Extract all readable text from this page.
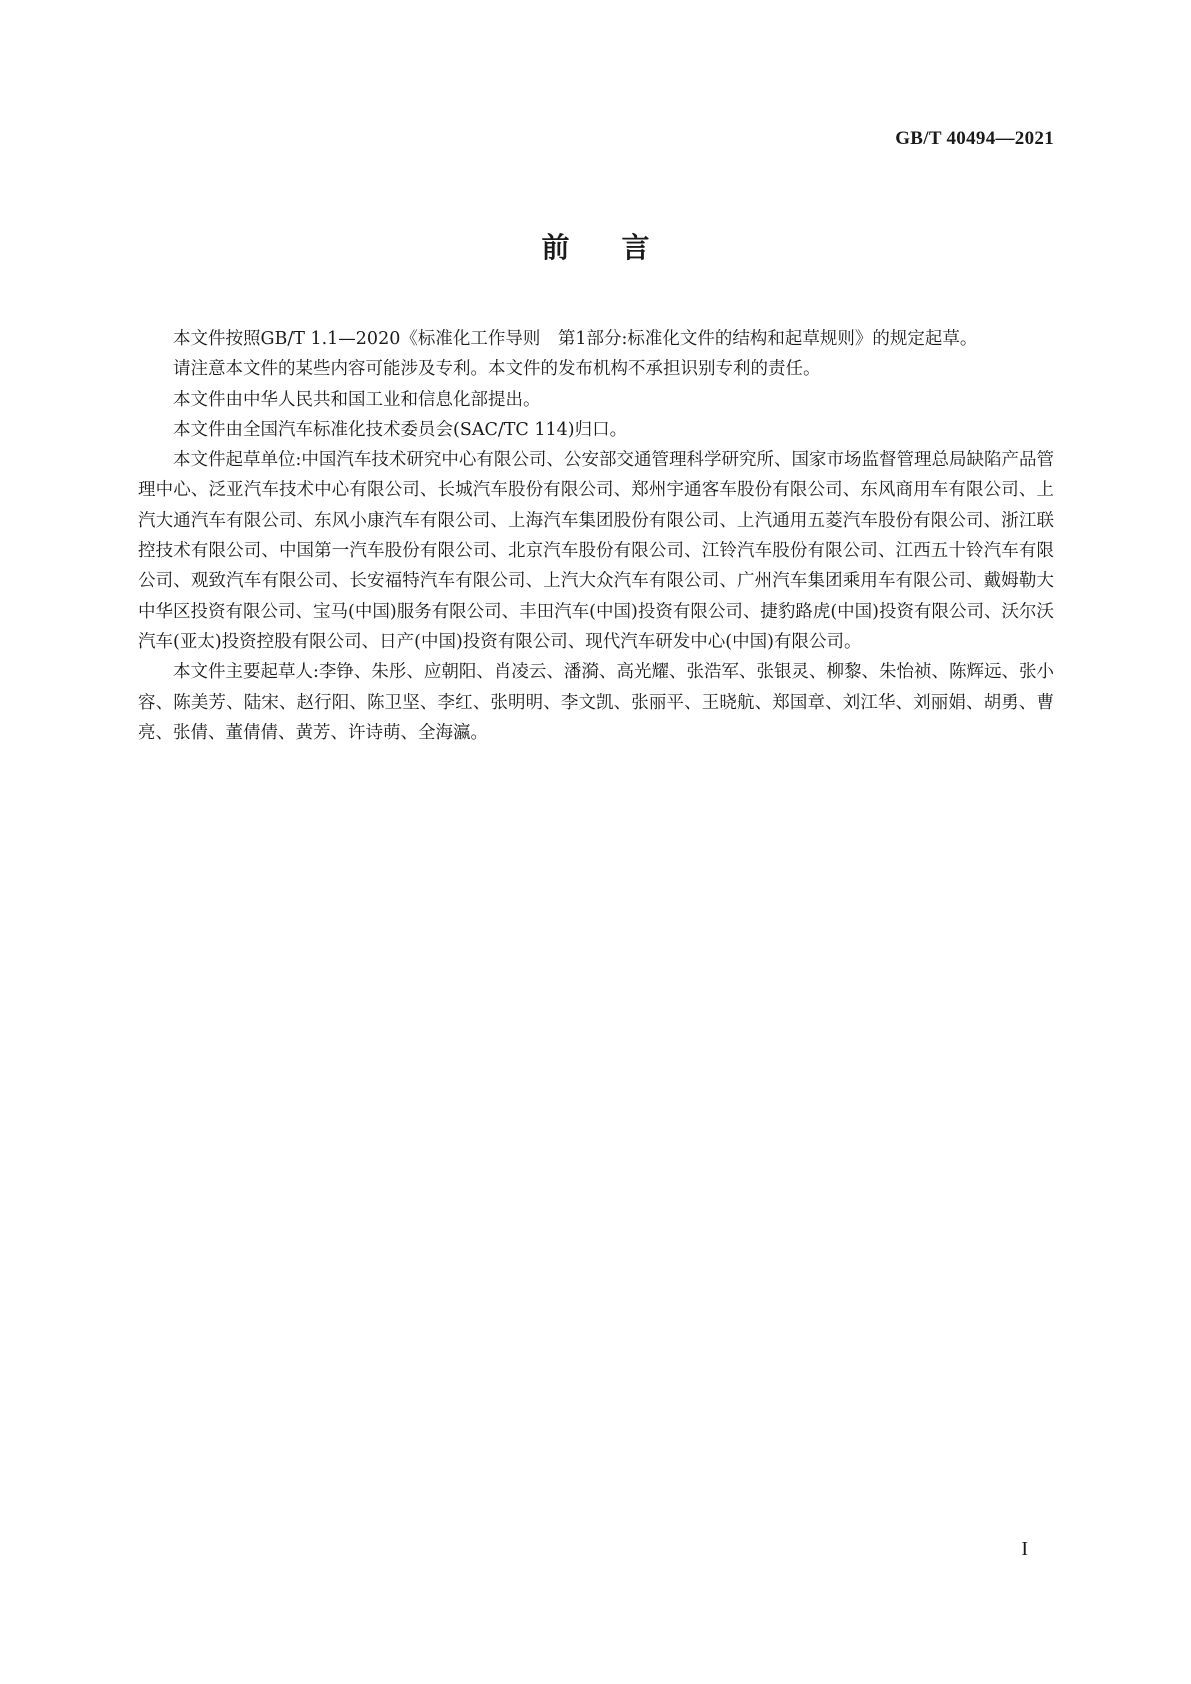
GB/T 40494—2021
前 言

本文件按照GB/T 1.1—2020《标准化工作导则　第1部分:标准化文件的结构和起草规则》的规定起草。

请注意本文件的某些内容可能涉及专利。本文件的发布机构不承担识别专利的责任。

本文件由中华人民共和国工业和信息化部提出。

本文件由全国汽车标准化技术委员会(SAC/TC 114)归口。

本文件起草单位:中国汽车技术研究中心有限公司、公安部交通管理科学研究所、国家市场监督管理总局缺陷产品管理中心、泛亚汽车技术中心有限公司、长城汽车股份有限公司、郑州宇通客车股份有限公司、东风商用车有限公司、上汽大通汽车有限公司、东风小康汽车有限公司、上海汽车集团股份有限公司、上汽通用五菱汽车股份有限公司、浙江联控技术有限公司、中国第一汽车股份有限公司、北京汽车股份有限公司、江铃汽车股份有限公司、江西五十铃汽车有限公司、观致汽车有限公司、长安福特汽车有限公司、上汽大众汽车有限公司、广州汽车集团乘用车有限公司、戴姆勒大中华区投资有限公司、宝马(中国)服务有限公司、丰田汽车(中国)投资有限公司、捷豹路虎(中国)投资有限公司、沃尔沃汽车(亚太)投资控股有限公司、日产(中国)投资有限公司、现代汽车研发中心(中国)有限公司。

本文件主要起草人:李铮、朱彤、应朝阳、肖凌云、潘漪、高光耀、张浩军、张银灵、柳黎、朱怡祯、陈辉远、张小容、陈美芳、陆宋、赵行阳、陈卫坚、李红、张明明、李文凯、张丽平、王晓航、郑国章、刘江华、刘丽娟、胡勇、曹亮、张倩、董倩倩、黄芳、许诗萌、全海瀛。

I
